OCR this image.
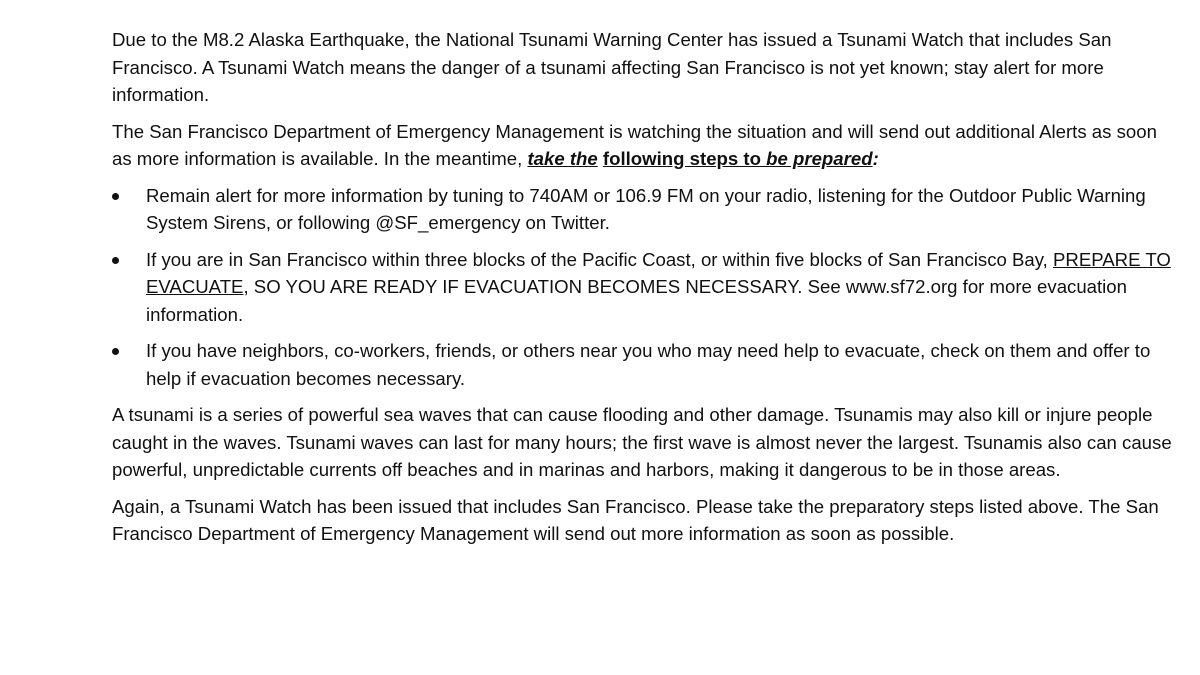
Due to the M8.2 Alaska Earthquake, the National Tsunami Warning Center has issued a Tsunami Watch that includes San Francisco. A Tsunami Watch means the danger of a tsunami affecting San Francisco is not yet known; stay alert for more information.

The San Francisco Department of Emergency Management is watching the situation and will send out additional Alerts as soon as more information is available. In the meantime, take the following steps to be prepared:

Remain alert for more information by tuning to 740AM or 106.9 FM on your radio, listening for the Outdoor Public Warning System Sirens, or following @SF_emergency on Twitter.
If you are in San Francisco within three blocks of the Pacific Coast, or within five blocks of San Francisco Bay, PREPARE TO EVACUATE, SO YOU ARE READY IF EVACUATION BECOMES NECESSARY. See www.sf72.org for more evacuation information.
If you have neighbors, co-workers, friends, or others near you who may need help to evacuate, check on them and offer to help if evacuation becomes necessary.

A tsunami is a series of powerful sea waves that can cause flooding and other damage. Tsunamis may also kill or injure people caught in the waves. Tsunami waves can last for many hours; the first wave is almost never the largest. Tsunamis also can cause powerful, unpredictable currents off beaches and in marinas and harbors, making it dangerous to be in those areas.

Again, a Tsunami Watch has been issued that includes San Francisco. Please take the preparatory steps listed above. The San Francisco Department of Emergency Management will send out more information as soon as possible.
